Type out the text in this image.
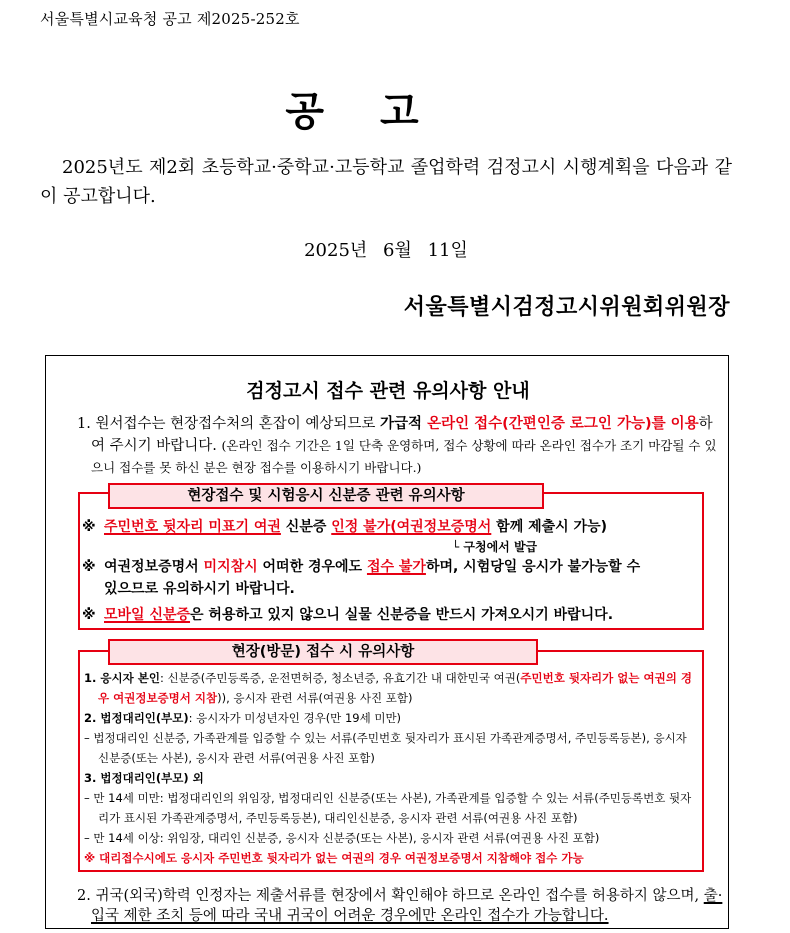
서울특별시교육청 공고 제2025-252호
공고
2025년도 제2회 초등학교·중학교·고등학교 졸업학력 검정고시 시행계획을 다음과 같이 공고합니다.
2025년 6월 11일
서울특별시검정고시위원회위원장
검정고시 접수 관련 유의사항 안내
1. 원서접수는 현장접수처의 혼잡이 예상되므로 가급적 온라인 접수(간편인증 로그인 가능)를 이용하여 주시기 바랍니다. (온라인 접수 기간은 1일 단축 운영하며, 접수 상황에 따라 온라인 접수가 조기 마감될 수 있으니 접수를 못 하신 분은 현장 접수를 이용하시기 바랍니다.)
현장접수 및 시험응시 신분증 관련 유의사항
※ 주민번호 뒷자리 미표기 여권 신분증 인정 불가(여권정보증명서 함께 제출시 가능)
└ 구청에서 발급
※ 여권정보증명서 미지참시 어떠한 경우에도 접수 불가하며, 시험당일 응시가 불가능할 수
있으므로 유의하시기 바랍니다.
※ 모바일 신분증은 허용하고 있지 않으니 실물 신분증을 반드시 가져오시기 바랍니다.
현장(방문) 접수 시 유의사항
1. 응시자 본인: 신분증(주민등록증, 운전면허증, 청소년증, 유효기간 내 대한민국 여권(주민번호 뒷자리가 없는 여권의 경우 여권정보증명서 지참)), 응시자 관련 서류(여권용 사진 포함)
2. 법정대리인(부모): 응시자가 미성년자인 경우(만 19세 미만)
– 법정대리인 신분증, 가족관계를 입증할 수 있는 서류(주민번호 뒷자리가 표시된 가족관계증명서, 주민등록등본), 응시자 신분증(또는 사본), 응시자 관련 서류(여권용 사진 포함)
3. 법정대리인(부모) 외
– 만 14세 미만: 법정대리인의 위임장, 법정대리인 신분증(또는 사본), 가족관계를 입증할 수 있는 서류(주민등록번호 뒷자리가 표시된 가족관계증명서, 주민등록등본), 대리인신분증, 응시자 관련 서류(여권용 사진 포함)
– 만 14세 이상: 위임장, 대리인 신분증, 응시자 신분증(또는 사본), 응시자 관련 서류(여권용 사진 포함)
※ 대리접수시에도 응시자 주민번호 뒷자리가 없는 여권의 경우 여권정보증명서 지참해야 접수 가능
2. 귀국(외국)학력 인정자는 제출서류를 현장에서 확인해야 하므로 온라인 접수를 허용하지 않으며, 출·입국 제한 조치 등에 따라 국내 귀국이 어려운 경우에만 온라인 접수가 가능합니다.
